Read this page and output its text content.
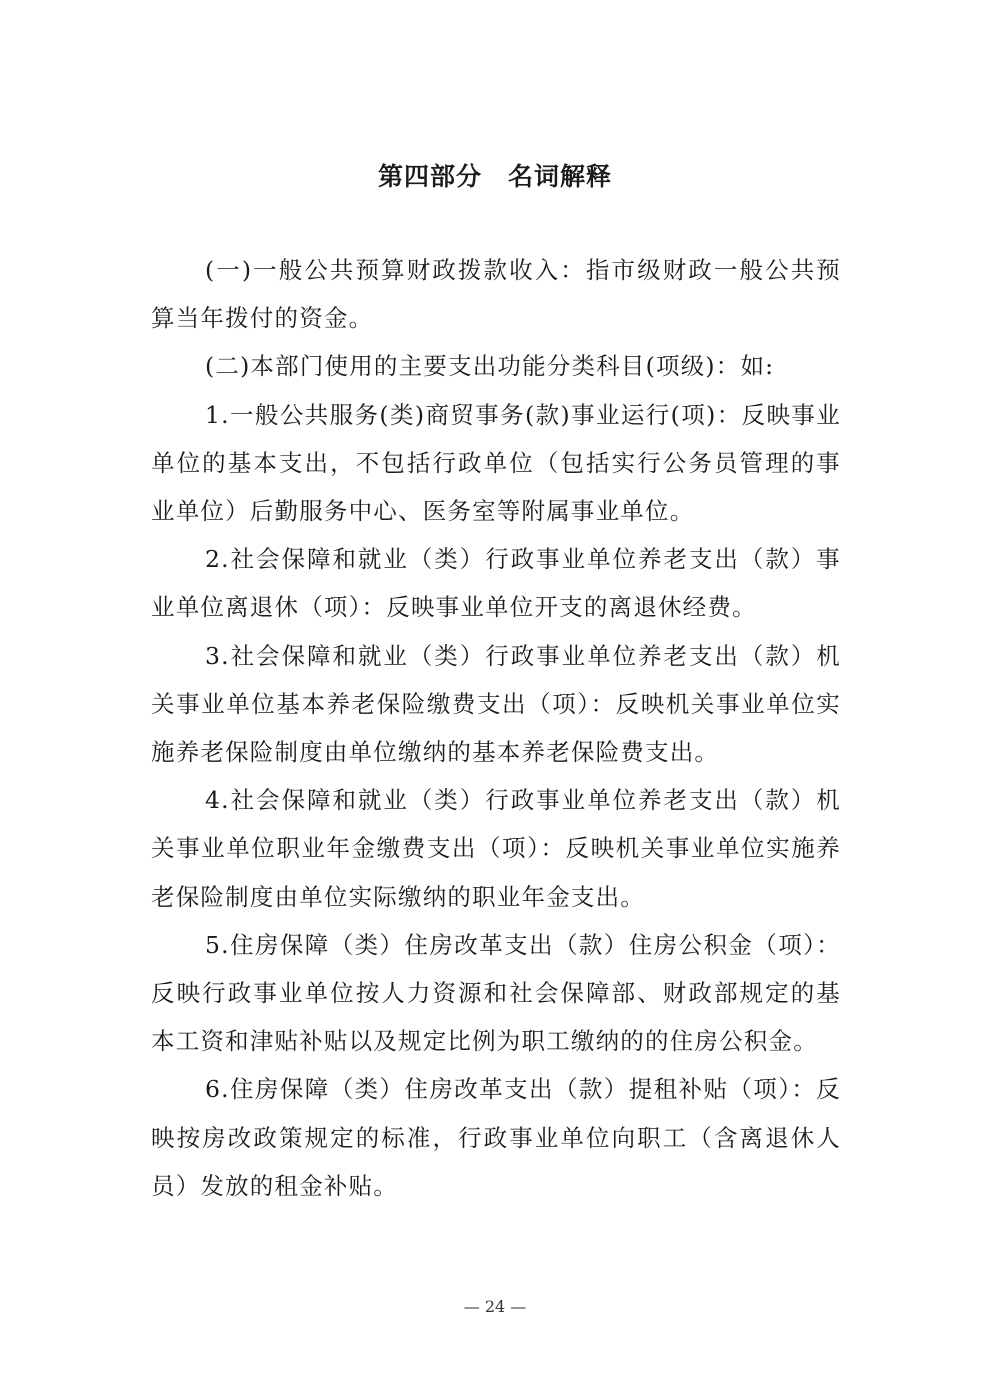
第四部分　名词解释

(一)一般公共预算财政拨款收入：指市级财政一般公共预算当年拨付的资金。

(二)本部门使用的主要支出功能分类科目(项级)：如:

1.一般公共服务(类)商贸事务(款)事业运行(项)：反映事业单位的基本支出，不包括行政单位（包括实行公务员管理的事业单位）后勤服务中心、医务室等附属事业单位。

2.社会保障和就业（类）行政事业单位养老支出（款）事业单位离退休（项）：反映事业单位开支的离退休经费。

3.社会保障和就业（类）行政事业单位养老支出（款）机关事业单位基本养老保险缴费支出（项）：反映机关事业单位实施养老保险制度由单位缴纳的基本养老保险费支出。

4.社会保障和就业（类）行政事业单位养老支出（款）机关事业单位职业年金缴费支出（项）：反映机关事业单位实施养老保险制度由单位实际缴纳的职业年金支出。

5.住房保障（类）住房改革支出（款）住房公积金（项）：反映行政事业单位按人力资源和社会保障部、财政部规定的基本工资和津贴补贴以及规定比例为职工缴纳的的住房公积金。

6.住房保障（类）住房改革支出（款）提租补贴（项）：反映按房改政策规定的标准，行政事业单位向职工（含离退休人员）发放的租金补贴。

— 24 —
